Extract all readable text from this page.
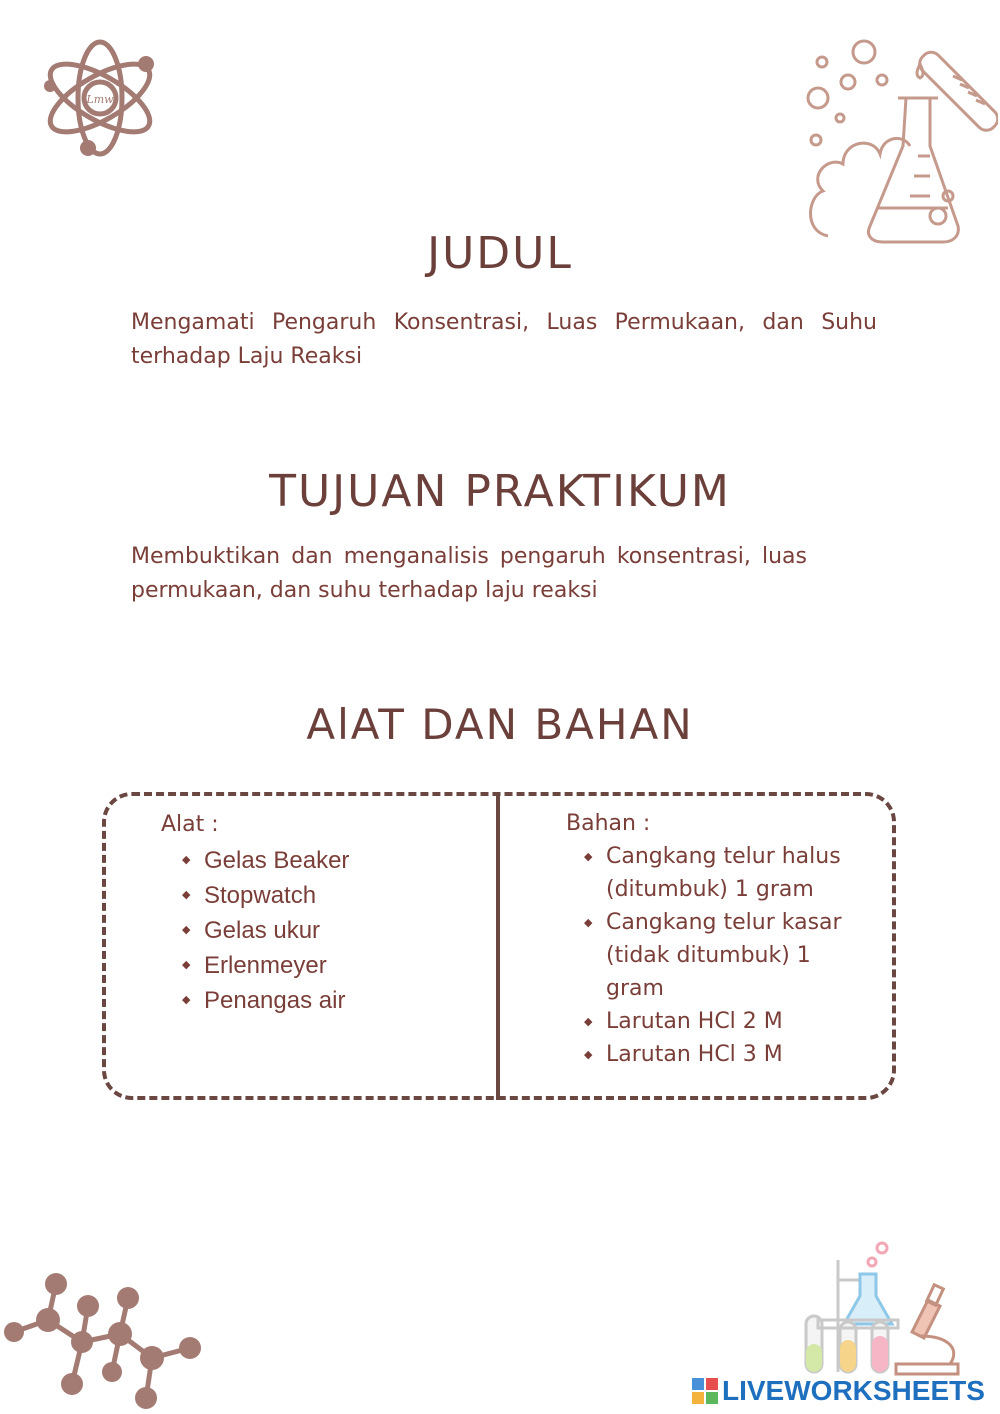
Lmw
JUDUL

Mengamati Pengaruh Konsentrasi, Luas Permukaan, dan Suhu
terhadap Laju Reaksi

TUJUAN PRAKTIKUM

Membuktikan dan menganalisis pengaruh konsentrasi, luas
permukaan, dan suhu terhadap laju reaksi

AlAT DAN BAHAN
Alat :
◆ Gelas Beaker
◆ Stopwatch
◆ Gelas ukur
◆ Erlenmeyer
◆ Penangas air
Bahan :
◆ Cangkang telur halus
(ditumbuk) 1 gram
◆ Cangkang telur kasar
(tidak ditumbuk) 1
gram
◆ Larutan HCl 2 M
◆ Larutan HCl 3 M
LIVEWORKSHEETS
